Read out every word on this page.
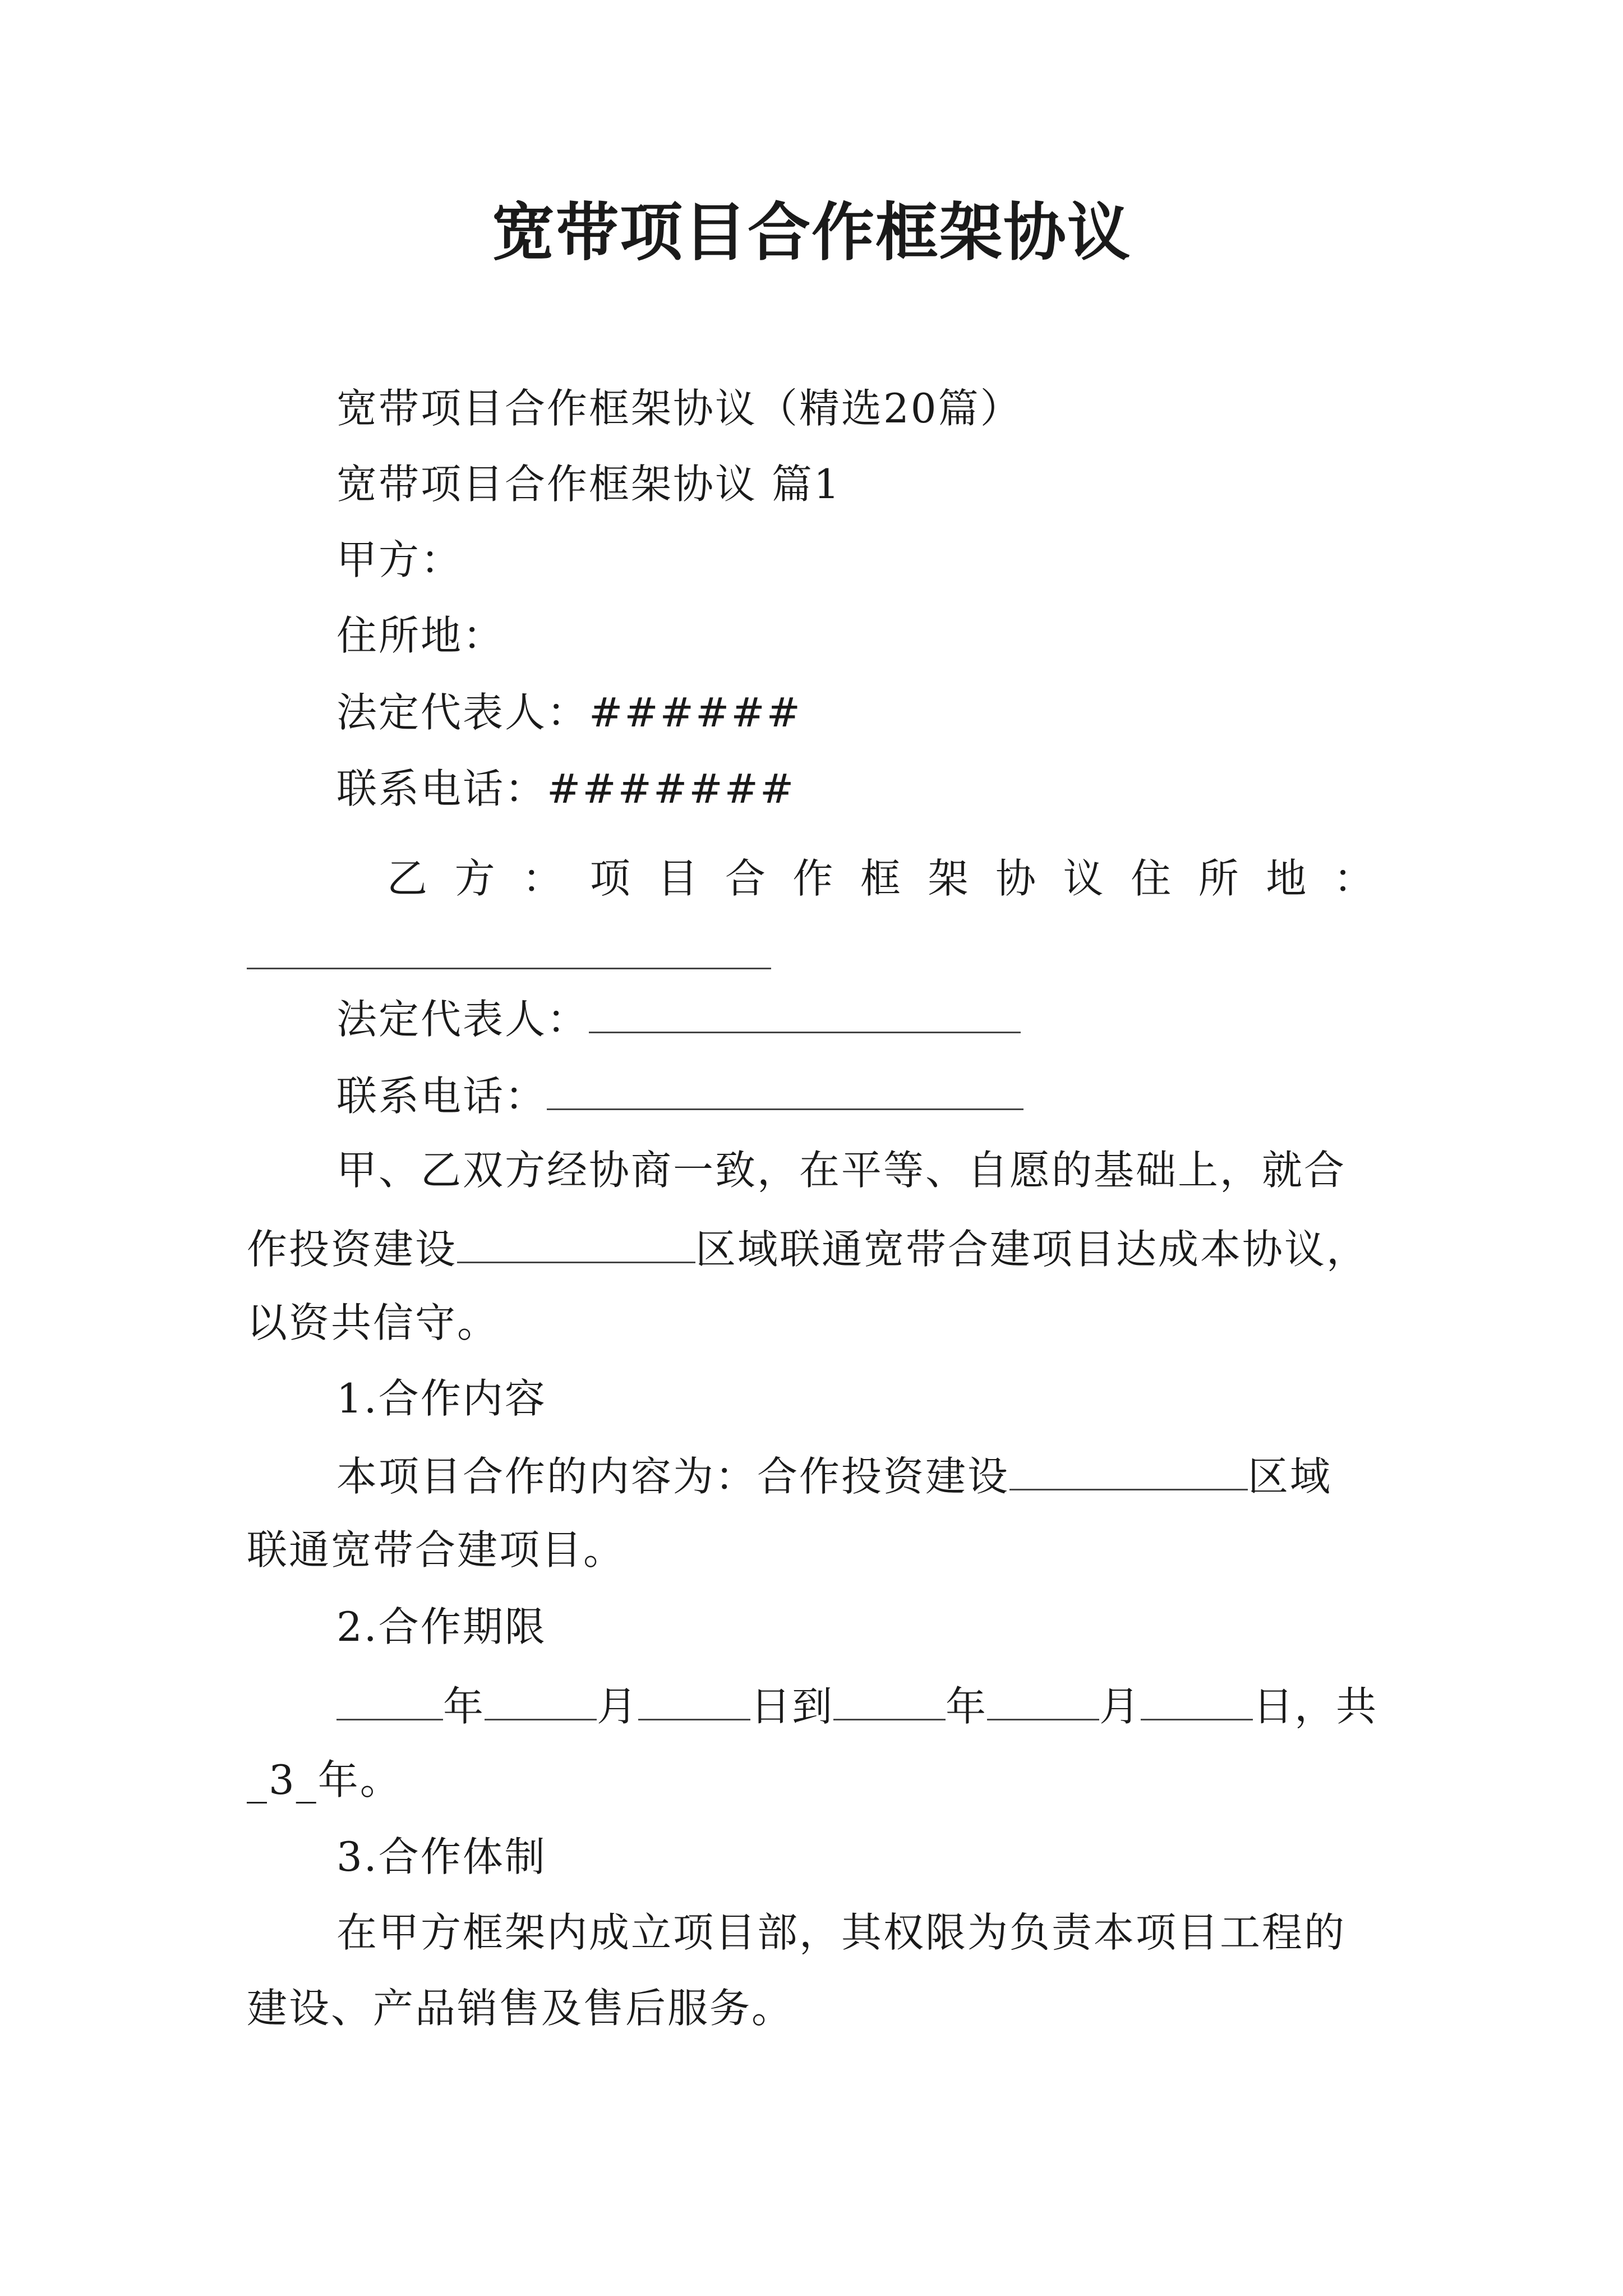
宽带项目合作框架协议
宽带项目合作框架协议（精选20篇）
宽带项目合作框架协议 篇1
甲方：
住所地：
法定代表人：######
联系电话：#######
乙 方 ： 项 目 合 作 框 架 协 议 住 所 地 ：
法定代表人：
联系电话：
甲、乙双方经协商一致，在平等、自愿的基础上，就合
作投资建设	区域联通宽带合建项目达成本协议，
以资共信守。
1.合作内容
本项目合作的内容为：合作投资建设	区域
联通宽带合建项目。
2.合作期限
年	月	日到	年	月	日，共
_3_年。
3.合作体制
在甲方框架内成立项目部，其权限为负责本项目工程的
建设、产品销售及售后服务。
